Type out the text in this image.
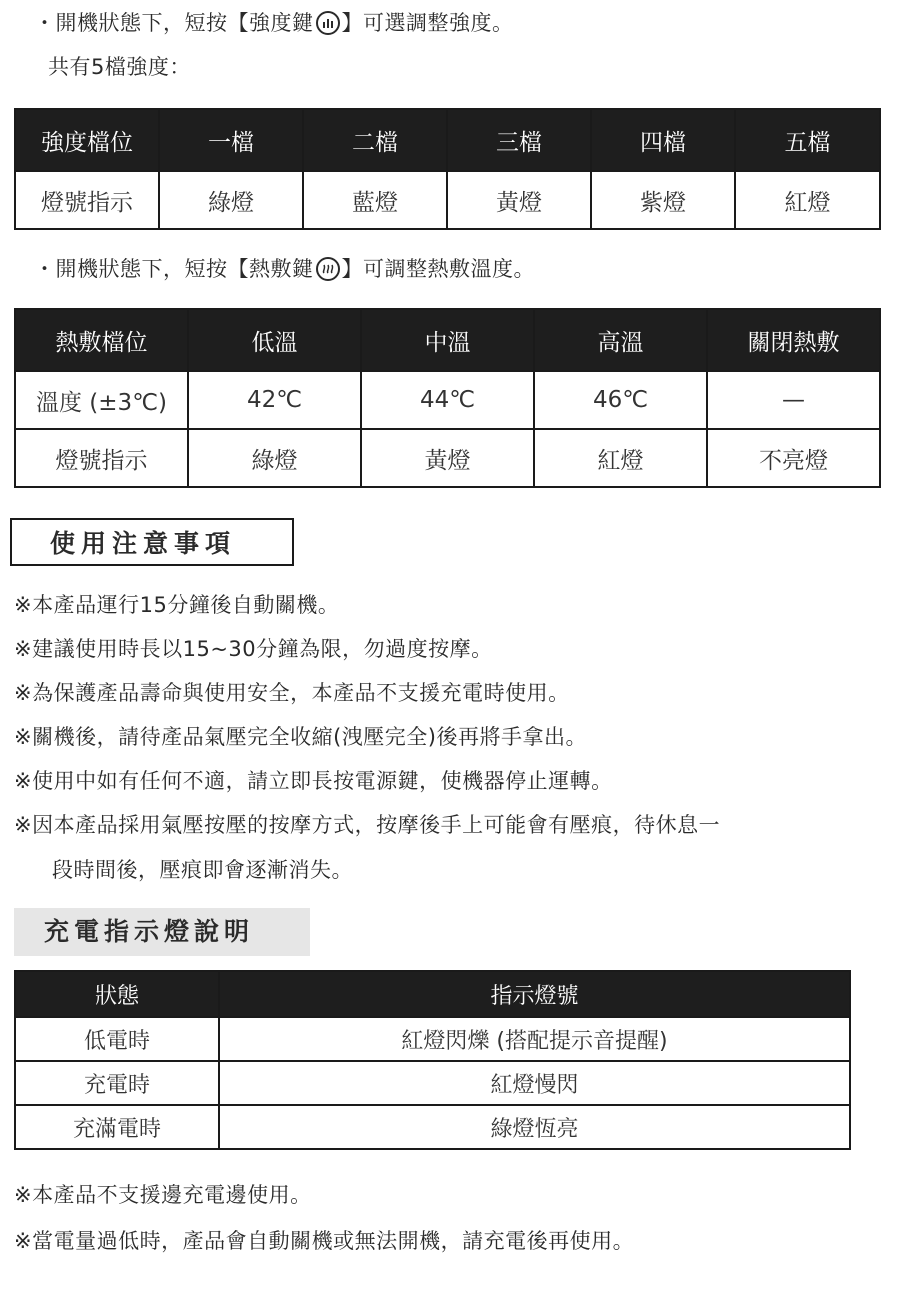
・開機狀態下，短按【強度鍵 】可選調整強度。
共有5檔強度：
強度檔位	一檔	二檔	三檔	四檔	五檔
燈號指示	綠燈	藍燈	黃燈	紫燈	紅燈
・開機狀態下，短按【熱敷鍵 】可調整熱敷溫度。
熱敷檔位	低溫	中溫	高溫	關閉熱敷
溫度 (±3℃)	42℃	44℃	46℃	—
燈號指示	綠燈	黃燈	紅燈	不亮燈
使用注意事項
※本產品運行15分鐘後自動關機。
※建議使用時長以15~30分鐘為限，勿過度按摩。
※為保護產品壽命與使用安全，本產品不支援充電時使用。
※關機後，請待產品氣壓完全收縮(洩壓完全)後再將手拿出。
※使用中如有任何不適，請立即長按電源鍵，使機器停止運轉。
※因本產品採用氣壓按壓的按摩方式，按摩後手上可能會有壓痕，待休息一
段時間後，壓痕即會逐漸消失。
充電指示燈說明
狀態	指示燈號
低電時	紅燈閃爍 (搭配提示音提醒)
充電時	紅燈慢閃
充滿電時	綠燈恆亮
※本產品不支援邊充電邊使用。
※當電量過低時，產品會自動關機或無法開機，請充電後再使用。
